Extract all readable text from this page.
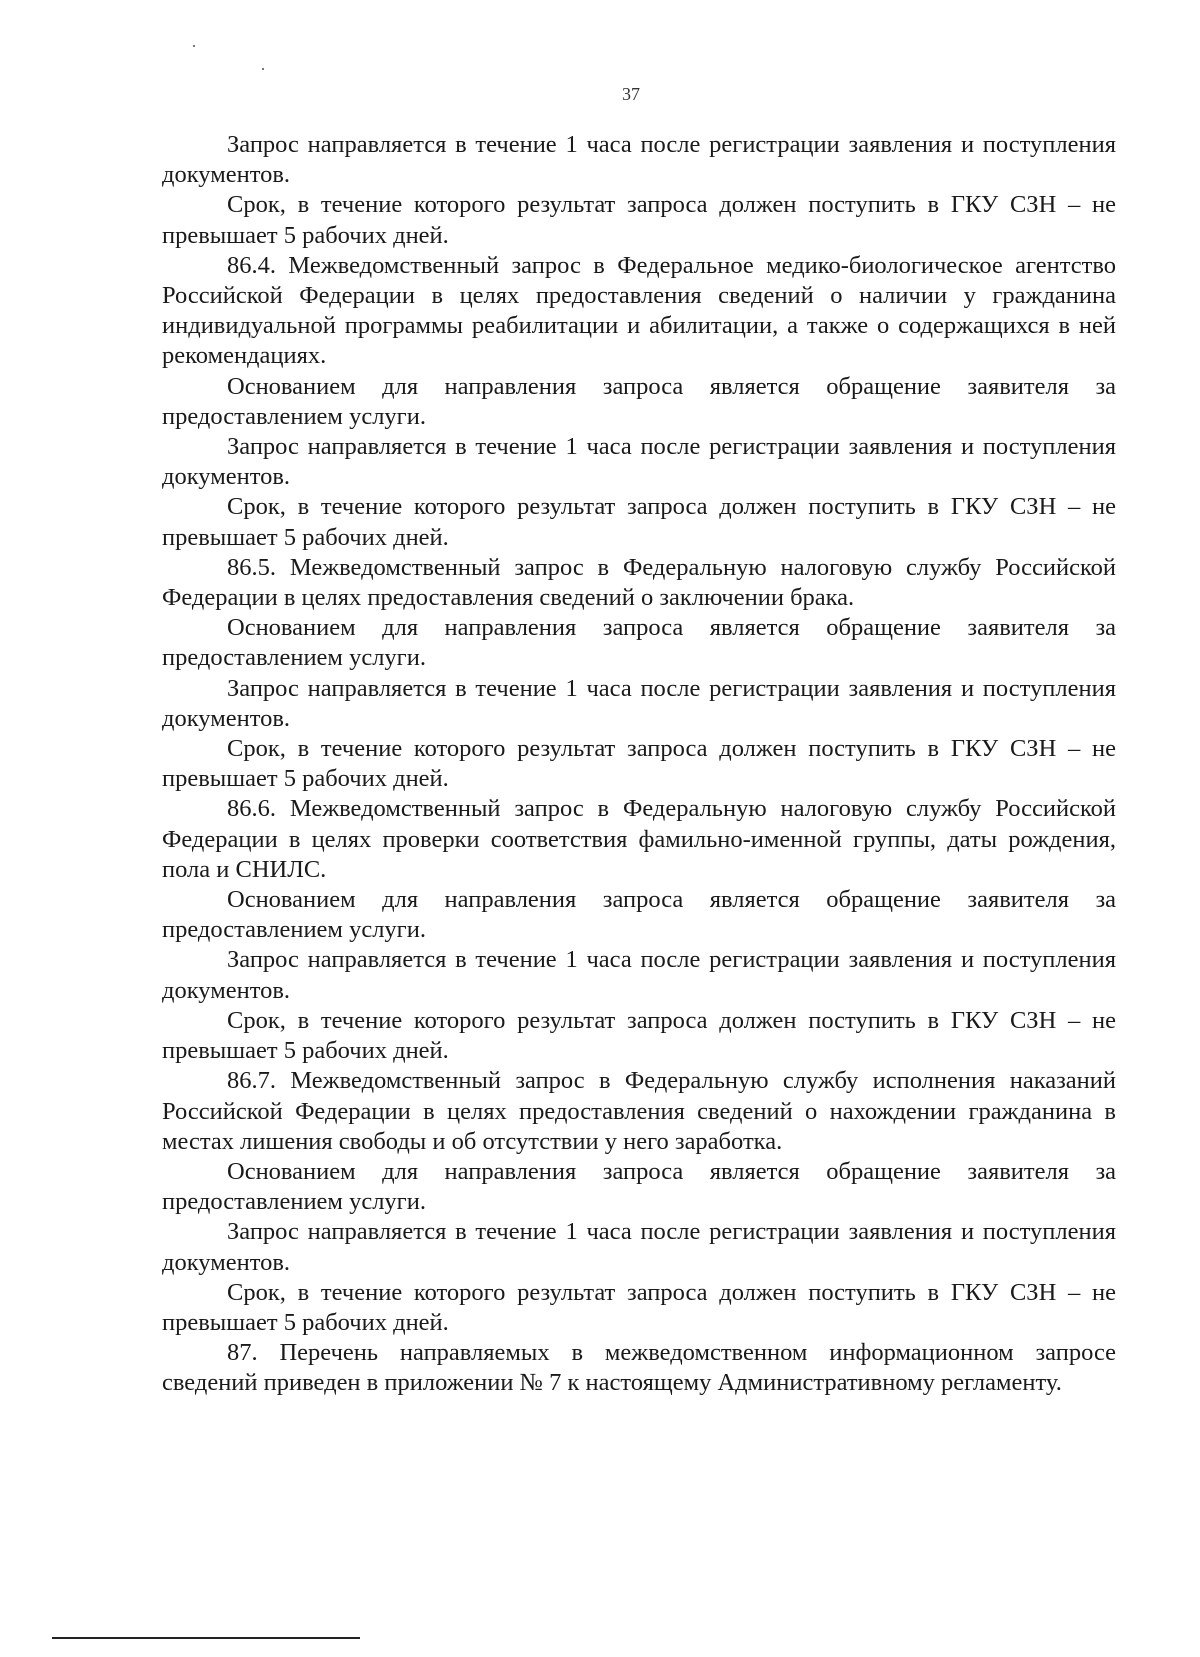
37

Запрос направляется в течение 1 часа после регистрации заявления и поступления документов.

Срок, в течение которого результат запроса должен поступить в ГКУ СЗН – не превышает 5 рабочих дней.

86.4. Межведомственный запрос в Федеральное медико-биологическое агентство Российской Федерации в целях предоставления сведений о наличии у гражданина индивидуальной программы реабилитации и абилитации, а также о содержащихся в ней рекомендациях.

Основанием для направления запроса является обращение заявителя за предоставлением услуги.

Запрос направляется в течение 1 часа после регистрации заявления и поступления документов.

Срок, в течение которого результат запроса должен поступить в ГКУ СЗН – не превышает 5 рабочих дней.

86.5. Межведомственный запрос в Федеральную налоговую службу Российской Федерации в целях предоставления сведений о заключении брака.

Основанием для направления запроса является обращение заявителя за предоставлением услуги.

Запрос направляется в течение 1 часа после регистрации заявления и поступления документов.

Срок, в течение которого результат запроса должен поступить в ГКУ СЗН – не превышает 5 рабочих дней.

86.6. Межведомственный запрос в Федеральную налоговую службу Российской Федерации в целях проверки соответствия фамильно-именной группы, даты рождения, пола и СНИЛС.

Основанием для направления запроса является обращение заявителя за предоставлением услуги.

Запрос направляется в течение 1 часа после регистрации заявления и поступления документов.

Срок, в течение которого результат запроса должен поступить в ГКУ СЗН – не превышает 5 рабочих дней.

86.7. Межведомственный запрос в Федеральную службу исполнения наказаний Российской Федерации в целях предоставления сведений о нахождении гражданина в местах лишения свободы и об отсутствии у него заработка.

Основанием для направления запроса является обращение заявителя за предоставлением услуги.

Запрос направляется в течение 1 часа после регистрации заявления и поступления документов.

Срок, в течение которого результат запроса должен поступить в ГКУ СЗН – не превышает 5 рабочих дней.

87. Перечень направляемых в межведомственном информационном запросе сведений приведен в приложении № 7 к настоящему Административному регламенту.
